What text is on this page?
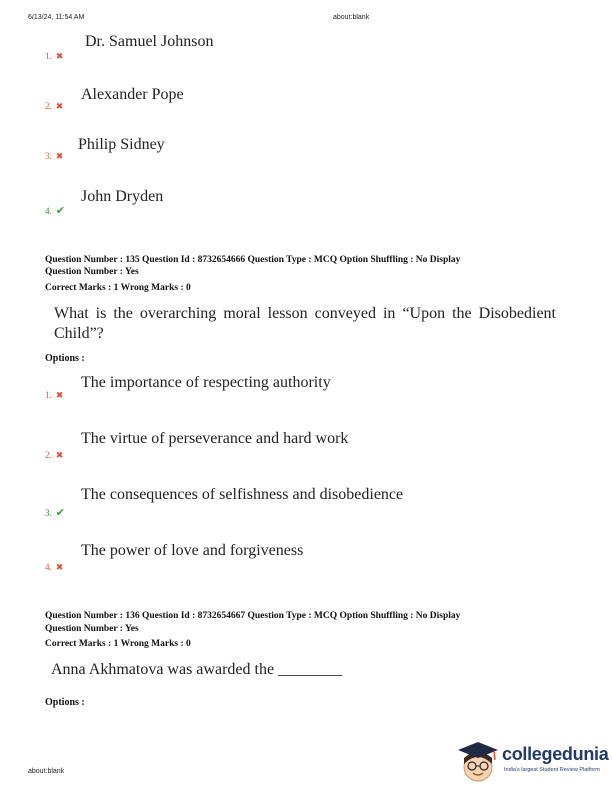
6/13/24, 11:54 AM	about:blank
Dr. Samuel Johnson
1. ✖
Alexander Pope
2. ✖
Philip Sidney
3. ✖
John Dryden
4. ✔
Question Number : 135 Question Id : 8732654666 Question Type : MCQ Option Shuffling : No Display
Question Number : Yes
Correct Marks : 1 Wrong Marks : 0
What is the overarching moral lesson conveyed in “Upon the Disobedient Child”?
Options :
The importance of respecting authority
1. ✖
The virtue of perseverance and hard work
2. ✖
The consequences of selfishness and disobedience
3. ✔
The power of love and forgiveness
4. ✖
Question Number : 136 Question Id : 8732654667 Question Type : MCQ Option Shuffling : No Display
Question Number : Yes
Correct Marks : 1 Wrong Marks : 0
Anna Akhmatova was awarded the ________
Options :
about:blank
collegedunia
India's largest Student Review Platform
